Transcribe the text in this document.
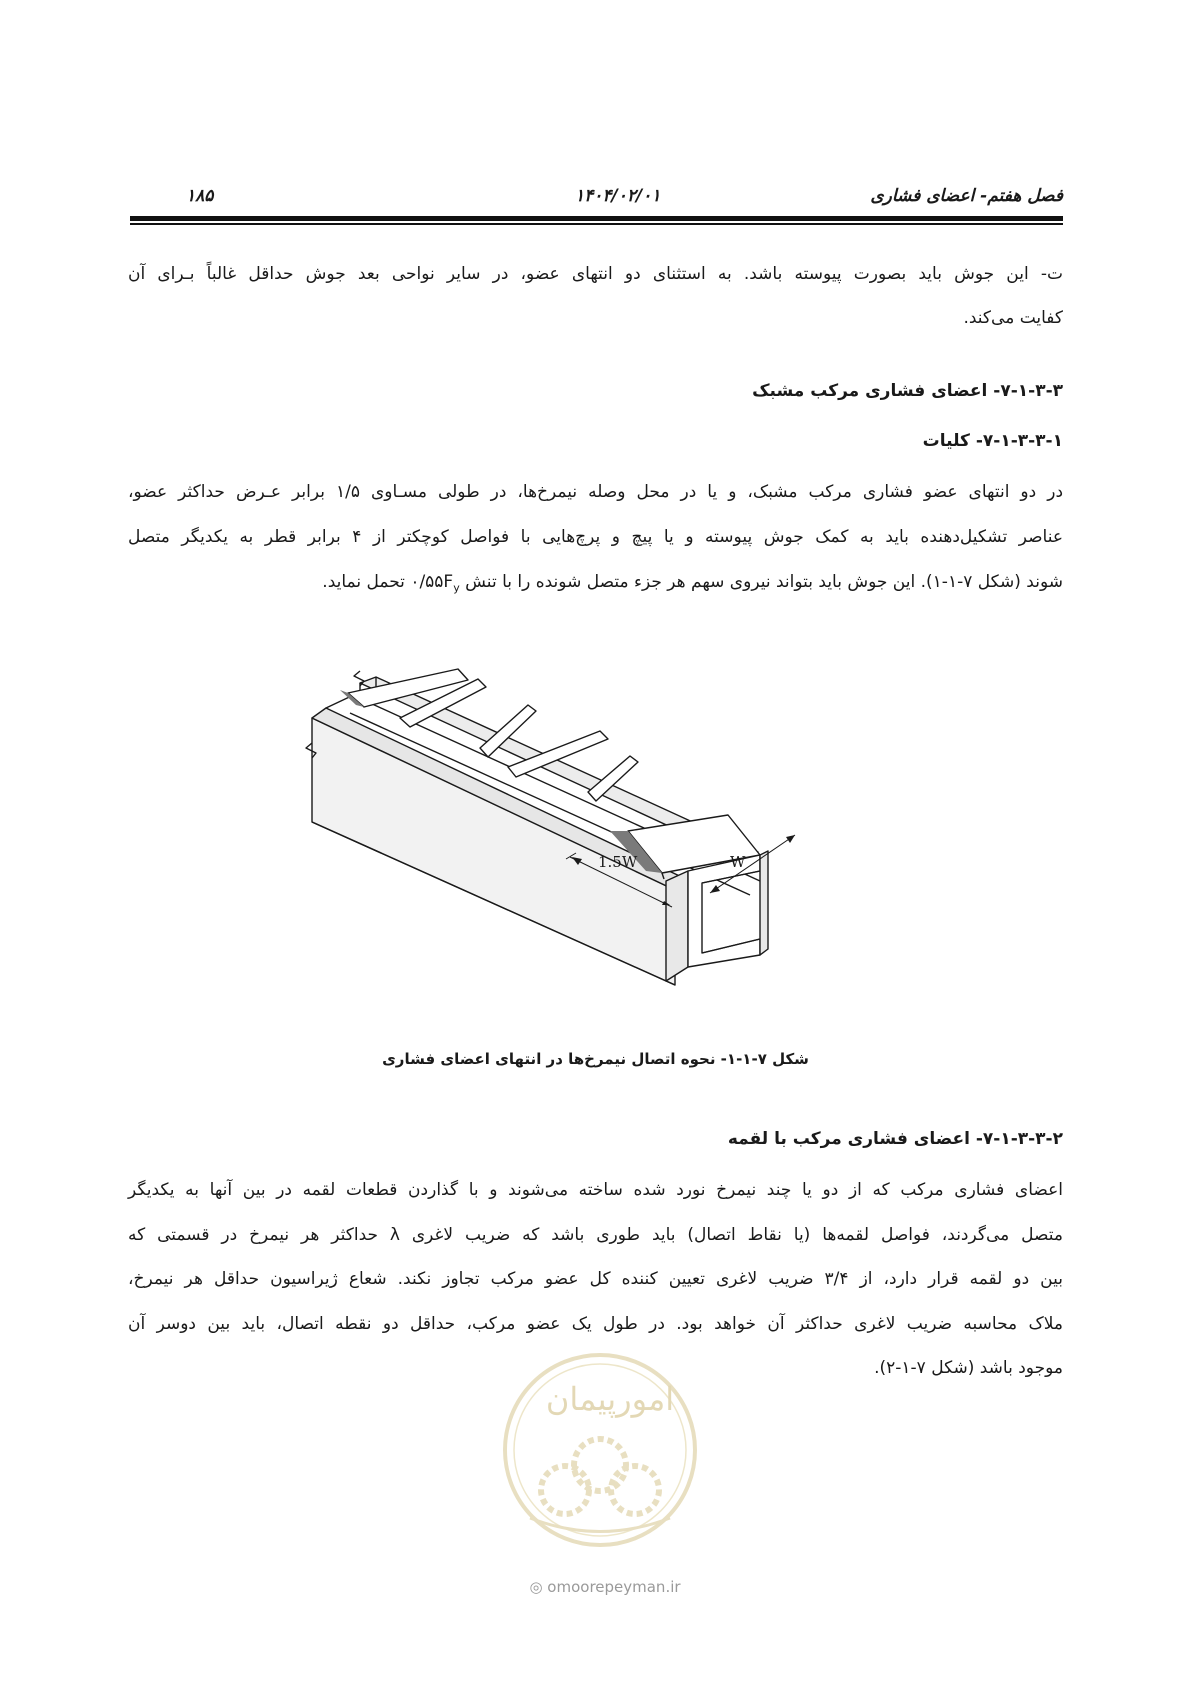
فصل هفتم- اعضای فشاری
۱۴۰۴/۰۲/۰۱
۱۸۵
ت- این جوش باید بصورت پیوسته باشد. به استثنای دو انتهای عضو، در سایر نواحی بعد جوش حداقل غالباً بـرای آن
کفایت می‌کند.
۷-۱-۳-۳- اعضای فشاری مرکب مشبک
۷-۱-۳-۳-۱- کلیات
در دو انتهای عضو فشاری مرکب مشبک، و یا در محل وصله نیمرخ‌ها، در طولی مسـاوی ۱/۵ برابر عـرض حداکثر عضو،
عناصر تشکیل‌دهنده باید به کمک جوش پیوسته و یا پیچ و پرچ‌هایی با فواصل کوچکتر از ۴ برابر قطر به یکدیگر متصل
شوند (شکل ۷-۱-۱). این جوش باید بتواند نیروی سهم هر جزء متصل شونده را با تنش $۰/۵۵F_y$ تحمل نماید.
1.5W	W
شکل ۷-۱-۱- نحوه اتصال نیمرخ‌ها در انتهای اعضای فشاری
۷-۱-۳-۳-۲- اعضای فشاری مرکب با لقمه
اعضای فشاری مرکب که از دو یا چند نیمرخ نورد شده ساخته می‌شوند و با گذاردن قطعات لقمه در بین آنها به یکدیگر
متصل می‌گردند، فواصل لقمه‌ها (یا نقاط اتصال) باید طوری باشد که ضریب لاغری λ حداکثر هر نیمرخ در قسمتی که
بین دو لقمه قرار دارد، از ۳/۴ ضریب لاغری تعیین کننده کل عضو مرکب تجاوز نکند. شعاع ژیراسیون حداقل هر نیمرخ،
ملاک محاسبه ضریب لاغری حداکثر آن خواهد بود. در طول یک عضو مرکب، حداقل دو نقطه اتصال، باید بین دوسر آن
موجود باشد (شکل ۷-۱-۲).
امورپیمان
◎ omoorepeyman.ir
